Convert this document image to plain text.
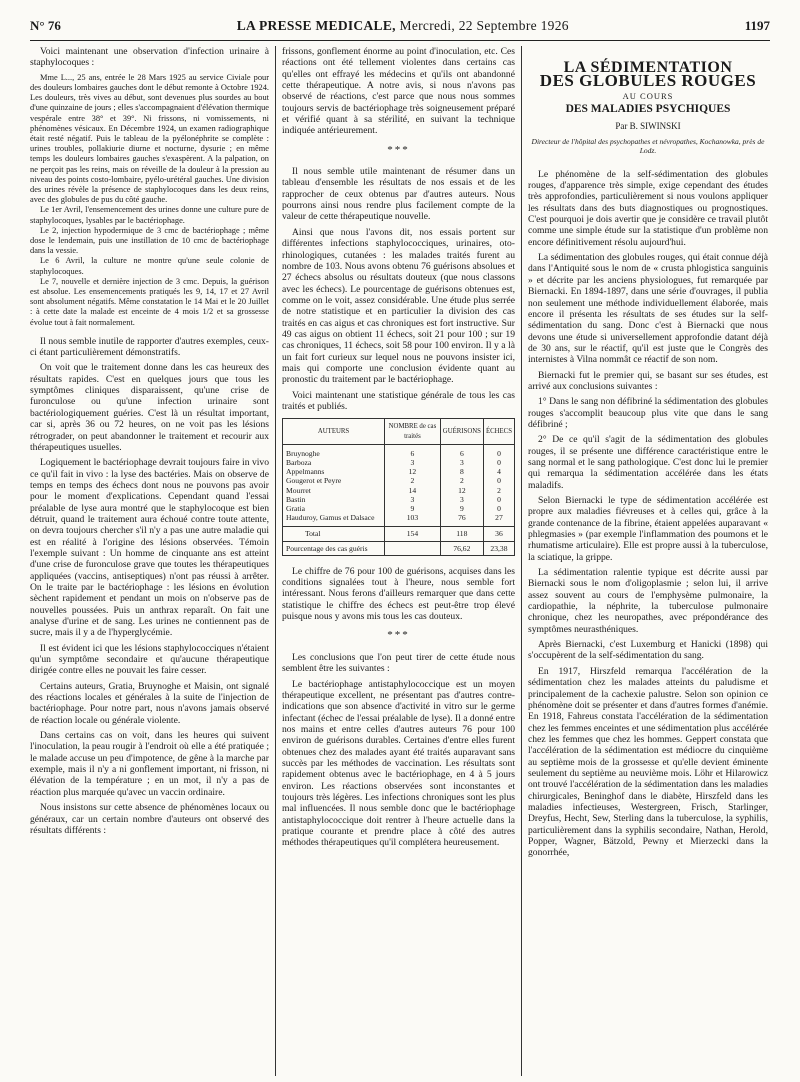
N° 76	LA PRESSE MEDICALE, Mercredi, 22 Septembre 1926	1197

Voici maintenant une observation d'infection urinaire à staphylocoques :

Mme L..., 25 ans, entrée le 28 Mars 1925 au service Civiale pour des douleurs lombaires gauches dont le début remonte à Octobre 1924. Les douleurs, très vives au début, sont devenues plus sourdes au bout d'une quinzaine de jours ; elles s'accompagnaient d'élévation thermique vespérale entre 38° et 39°. Ni frissons, ni vomissements, ni phénomènes vésicaux. En Décembre 1924, un examen radiographique était resté négatif. Puis le tableau de la pyélonéphrite se complète : urines troubles, pollakiurie diurne et nocturne, dysurie ; en même temps les douleurs lombaires gauches s'exaspèrent. A la palpation, on ne perçoit pas les reins, mais on réveille de la douleur à la pression au niveau des points costo-lombaire, pyélo-urétéral gauches. Une division des urines révèle la présence de staphylocoques dans les deux reins, avec des globules de pus du côté gauche.

Le 1er Avril, l'ensemencement des urines donne une culture pure de staphylocoques, lysables par le bactériophage.

Le 2, injection hypodermique de 3 cmc de bactériophage ; même dose le lendemain, puis une instillation de 10 cmc de bactériophage dans la vessie.

Le 6 Avril, la culture ne montre qu'une seule colonie de staphylocoques.

Le 7, nouvelle et dernière injection de 3 cmc. Depuis, la guérison est absolue. Les ensemencements pratiqués les 9, 14, 17 et 27 Avril sont absolument négatifs. Même constatation le 14 Mai et le 20 Juillet : à cette date la malade est enceinte de 4 mois 1/2 et sa grossesse évolue tout à fait normalement.

Il nous semble inutile de rapporter d'autres exemples, ceux-ci étant particulièrement démonstratifs.

On voit que le traitement donne dans les cas heureux des résultats rapides. C'est en quelques jours que tous les symptômes cliniques disparaissent, qu'une crise de furonculose ou qu'une infection urinaire sont bactériologiquement guéries. C'est là un résultat important, car si, après 36 ou 72 heures, on ne voit pas les lésions rétrograder, on peut abandonner le traitement et recourir aux thérapeutiques usuelles.

Logiquement le bactériophage devrait toujours faire in vivo ce qu'il fait in vivo : la lyse des bactéries. Mais on observe de temps en temps des échecs dont nous ne pouvons pas avoir pour le moment d'explications. Cependant quand l'essai préalable de lyse aura montré que le staphylocoque est bien détruit, quand le traitement aura échoué contre toute attente, on devra toujours chercher s'il n'y a pas une autre maladie qui est en réalité à l'origine des lésions observées. Témoin l'exemple suivant : Un homme de cinquante ans est atteint d'une crise de furonculose grave que toutes les thérapeutiques appliquées (vaccins, antiseptiques) n'ont pas réussi à arrêter. On le traite par le bactériophage : les lésions en évolution sèchent rapidement et pendant un mois on n'observe pas de nouvelles poussées. Puis un anthrax reparaît. On fait une analyse d'urine et de sang. Les urines ne contiennent pas de sucre, mais il y a de l'hyperglycémie.

Il est évident ici que les lésions staphylococciques n'étaient qu'un symptôme secondaire et qu'aucune thérapeutique dirigée contre elles ne pouvait les faire cesser.

Certains auteurs, Gratia, Bruynoghe et Maisin, ont signalé des réactions locales et générales à la suite de l'injection de bactériophage. Pour notre part, nous n'avons jamais observé de réaction locale ou générale violente.

Dans certains cas on voit, dans les heures qui suivent l'inoculation, la peau rougir à l'endroit où elle a été pratiquée ; le malade accuse un peu d'impotence, de gêne à la marche par exemple, mais il n'y a ni gonflement important, ni frisson, ni élévation de la température ; en un mot, il n'y a pas de réaction plus marquée qu'avec un vaccin ordinaire.

Nous insistons sur cette absence de phénomènes locaux ou généraux, car un certain nombre d'auteurs ont observé des résultats différents :

frissons, gonflement énorme au point d'inoculation, etc. Ces réactions ont été tellement violentes dans certains cas qu'elles ont effrayé les médecins et qu'ils ont abandonné cette thérapeutique. A notre avis, si nous n'avons pas observé de réactions, c'est parce que nous nous sommes toujours servis de bactériophage très soigneusement préparé et vérifié quant à sa stérilité, en suivant la technique indiquée antérieurement.

***

Il nous semble utile maintenant de résumer dans un tableau d'ensemble les résultats de nos essais et de les rapprocher de ceux obtenus par d'autres auteurs. Nous pourrons ainsi nous rendre plus facilement compte de la valeur de cette thérapeutique nouvelle.

Ainsi que nous l'avons dit, nos essais portent sur différentes infections staphylococciques, urinaires, oto-rhinologiques, cutanées : les malades traités furent au nombre de 103. Nous avons obtenu 76 guérisons absolues et 27 échecs absolus ou résultats douteux (que nous classons avec les échecs). Le pourcentage de guérisons obtenues est, comme on le voit, assez considérable. Une étude plus serrée de notre statistique et en particulier la division des cas traités en cas aigus et cas chroniques est fort instructive. Sur 49 cas aigus on obtient 11 échecs, soit 21 pour 100 ; sur 19 cas chroniques, 11 échecs, soit 58 pour 100 environ. Il y a là un fait fort curieux sur lequel nous ne pouvons insister ici, mais qui comporte une conclusion évidente quant au pronostic du traitement par le bactériophage.

Voici maintenant une statistique générale de tous les cas traités et publiés.

AUTEURS	NOMBRE de cas traités	GUÉRISONS	ÉCHECS
Bruynoghe	6	6	0
Barboza	3	3	0
Appelmanns	12	8	4
Gougerot et Peyre	2	2	0
Mourret	14	12	2
Bastin	3	3	0
Gratia	9	9	0
Hauduroy, Gamus et Dalsace	103	76	27
Total	154	118	36
Pourcentage des cas guéris		76,62	23,38

Le chiffre de 76 pour 100 de guérisons, acquises dans les conditions signalées tout à l'heure, nous semble fort intéressant. Nous ferons d'ailleurs remarquer que dans cette statistique le chiffre des échecs est peut-être trop élevé puisque nous y avons mis tous les cas douteux.

***

Les conclusions que l'on peut tirer de cette étude nous semblent être les suivantes :

Le bactériophage antistaphylococcique est un moyen thérapeutique excellent, ne présentant pas d'autres contre-indications que son absence d'activité in vitro sur le germe infectant (échec de l'essai préalable de lyse). Il a donné entre nos mains et entre celles d'autres auteurs 76 pour 100 environ de guérisons durables. Certaines d'entre elles furent obtenues chez des malades ayant été traités auparavant sans succès par les méthodes de vaccination. Les résultats sont rapidement obtenus avec le bactériophage, en 4 à 5 jours environ. Les réactions observées sont inconstantes et toujours très légères. Les infections chroniques sont les plus mal influencées. Il nous semble donc que le bactériophage antistaphylococcique doit rentrer à l'heure actuelle dans la pratique courante et prendre place à côté des autres méthodes thérapeutiques qu'il complétera heureusement.

LA SÉDIMENTATION
DES GLOBULES ROUGES
AU COURS
DES MALADIES PSYCHIQUES
Par B. SIWINSKI
Directeur de l'hôpital des psychopathes et névropathes, Kochanowka, près de Lodz.

Le phénomène de la self-sédimentation des globules rouges, d'apparence très simple, exige cependant des études très approfondies, particulièrement si nous voulons appliquer les résultats dans des buts diagnostiques ou prognostiques. C'est pourquoi je dois avertir que je considère ce travail plutôt comme une simple étude sur la statistique d'un problème non encore définitivement résolu aujourd'hui.

La sédimentation des globules rouges, qui était connue déjà dans l'Antiquité sous le nom de « crusta phlogistica sanguinis » et décrite par les anciens physiologues, fut remarquée par Biernacki. En 1894-1897, dans une série d'ouvrages, il publia non seulement une méthode individuellement élaborée, mais encore il présenta les résultats de ses études sur la self-sédimentation du sang. Donc c'est à Biernacki que nous devons une étude si universellement approfondie datant déjà de 30 ans, sur le réactif, qu'il est juste que le Congrès des internistes à Vilna nommât ce réactif de son nom.

Biernacki fut le premier qui, se basant sur ses études, est arrivé aux conclusions suivantes :

1° Dans le sang non défibriné la sédimentation des globules rouges s'accomplit beaucoup plus vite que dans le sang défibriné ;

2° De ce qu'il s'agit de la sédimentation des globules rouges, il se présente une différence caractéristique entre le sang normal et le sang pathologique. C'est donc lui le premier qui remarqua la sédimentation accélérée dans les états maladifs.

Selon Biernacki le type de sédimentation accélérée est propre aux maladies fiévreuses et à celles qui, grâce à la grande contenance de la fibrine, étaient appelées auparavant « phlegmasies » (par exemple l'inflammation des poumons et le rhumatisme articulaire). Elle est propre aussi à la tuberculose, la sciatique, la grippe.

La sédimentation ralentie typique est décrite aussi par Biernacki sous le nom d'oligoplasmie ; selon lui, il arrive assez souvent au cours de l'emphysème pulmonaire, la cardiopathie, la néphrite, la tuberculose pulmonaire chronique, chez les neuropathes, avec prépondérance des symptômes neurasthéniques.

Après Biernacki, c'est Luxemburg et Hanicki (1898) qui s'occupèrent de la self-sédimentation du sang.

En 1917, Hirszfeld remarqua l'accélération de la sédimentation chez les malades atteints du paludisme et principalement de la cachexie palustre. Selon son opinion ce phénomène doit se présenter et dans d'autres formes d'anémie. En 1918, Fahreus constata l'accélération de la sédimentation chez les femmes enceintes et une sédimentation plus accélérée chez les femmes que chez les hommes. Geppert constata que l'accélération de la sédimentation est médiocre du cinquième au septième mois de la grossesse et qu'elle devient éminente seulement du septième au neuvième mois. Löhr et Hilarowicz ont trouvé l'accélération de la sédimentation dans les maladies chirurgicales, Beninghof dans le diabète, Hirszfeld dans les maladies infectieuses, Westergreen, Frisch, Starlinger, Dreyfus, Hecht, Sew, Sterling dans la tuberculose, la syphilis, particulièrement dans la syphilis secondaire, Nathan, Herold, Popper, Wagner, Bätzold, Pewny et Mierzecki dans la gonorrhée,
